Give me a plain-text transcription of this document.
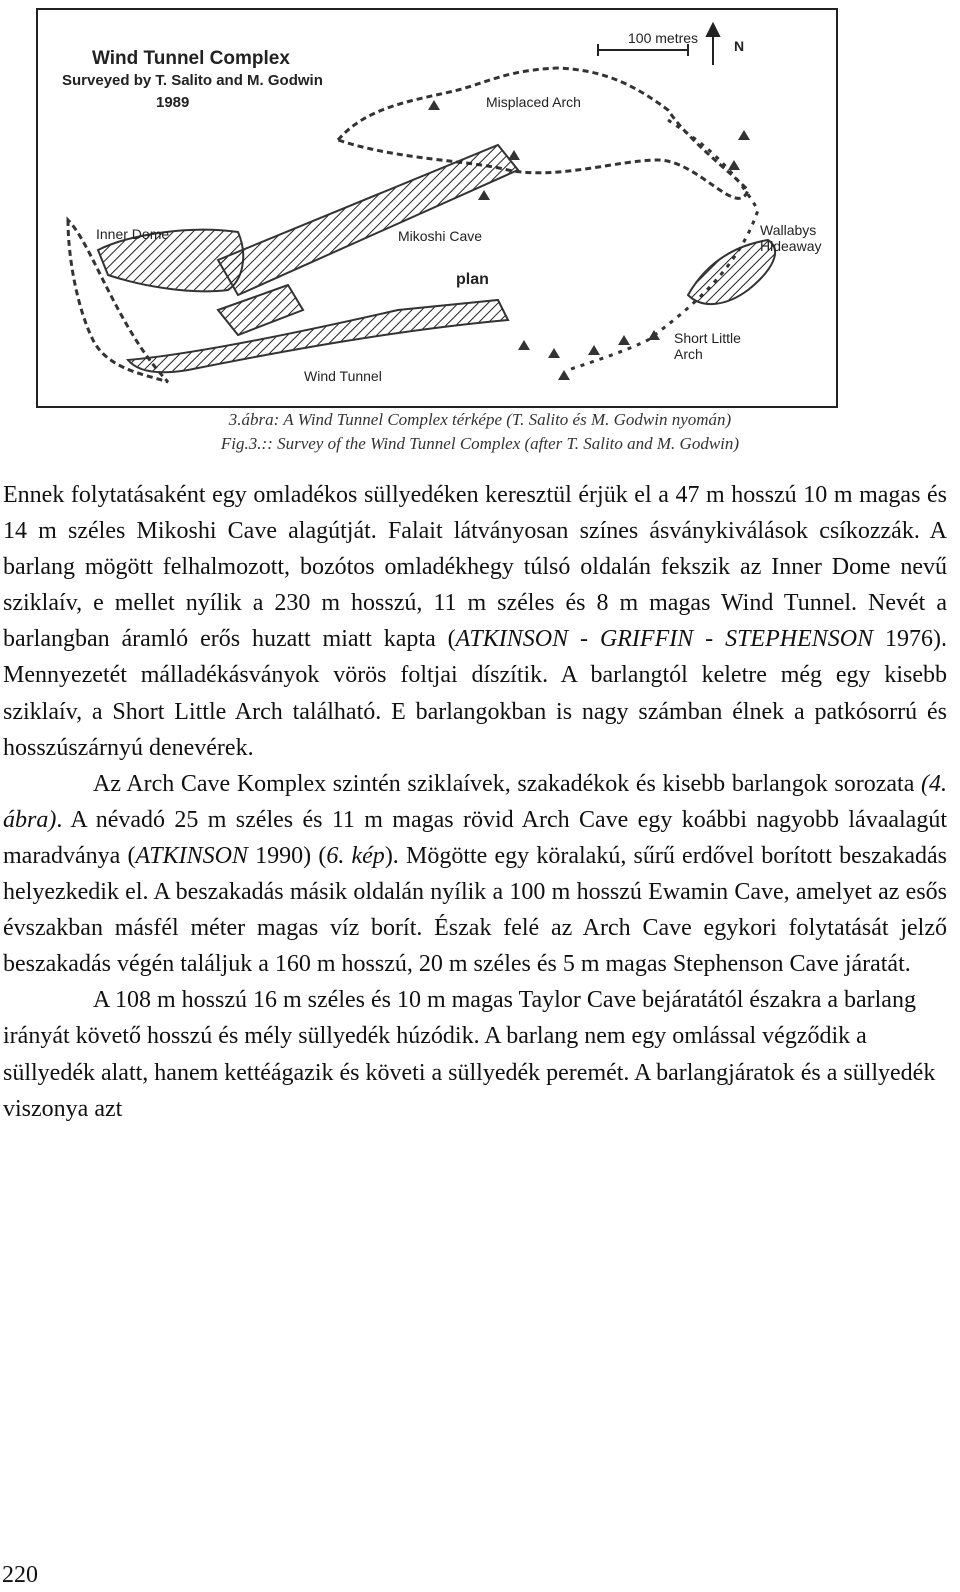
Wind Tunnel Complex
Surveyed by T. Salito and M. Godwin
1989
100 metres	N
Misplaced Arch
Inner Dome	Mikoshi Cave	Wallabys
Hideaway
plan
Short Little
Arch
Wind Tunnel
3.ábra: A Wind Tunnel Complex térképe (T. Salito és M. Godwin nyomán)
Fig.3.:: Survey of the Wind Tunnel Complex (after T. Salito and M. Godwin)

Ennek folytatásaként egy omladékos süllyedéken keresztül érjük el a 47 m hosszú 10 m magas és 14 m széles Mikoshi Cave alagútját. Falait látványosan színes ásványkiválások csíkozzák. A barlang mögött felhalmozott, bozótos omladékhegy túlsó oldalán fekszik az Inner Dome nevű sziklaív, e mellet nyílik a 230 m hosszú, 11 m széles és 8 m magas Wind Tunnel. Nevét a barlangban áramló erős huzatt miatt kapta (ATKINSON - GRIFFIN - STEPHENSON 1976). Mennyezetét málladékásványok vörös foltjai díszítik. A barlangtól keletre még egy kisebb sziklaív, a Short Little Arch található. E barlangokban is nagy számban élnek a patkósorrú és hosszúszárnyú denevérek.

Az Arch Cave Komplex szintén sziklaívek, szakadékok és kisebb barlangok sorozata (4. ábra). A névadó 25 m széles és 11 m magas rövid Arch Cave egy koábbi nagyobb lávaalagút maradványa (ATKINSON 1990) (6. kép). Mögötte egy köralakú, sűrű erdővel borított beszakadás helyezkedik el. A beszakadás másik oldalán nyílik a 100 m hosszú Ewamin Cave, amelyet az esős évszakban másfél méter magas víz borít. Észak felé az Arch Cave egykori folytatását jelző beszakadás végén találjuk a 160 m hosszú, 20 m széles és 5 m magas Stephenson Cave járatát.

A 108 m hosszú 16 m széles és 10 m magas Taylor Cave bejáratától északra a barlang irányát követő hosszú és mély süllyedék húzódik. A barlang nem egy omlással végződik a süllyedék alatt, hanem kettéágazik és követi a süllyedék peremét. A barlangjáratok és a süllyedék viszonya azt

220
